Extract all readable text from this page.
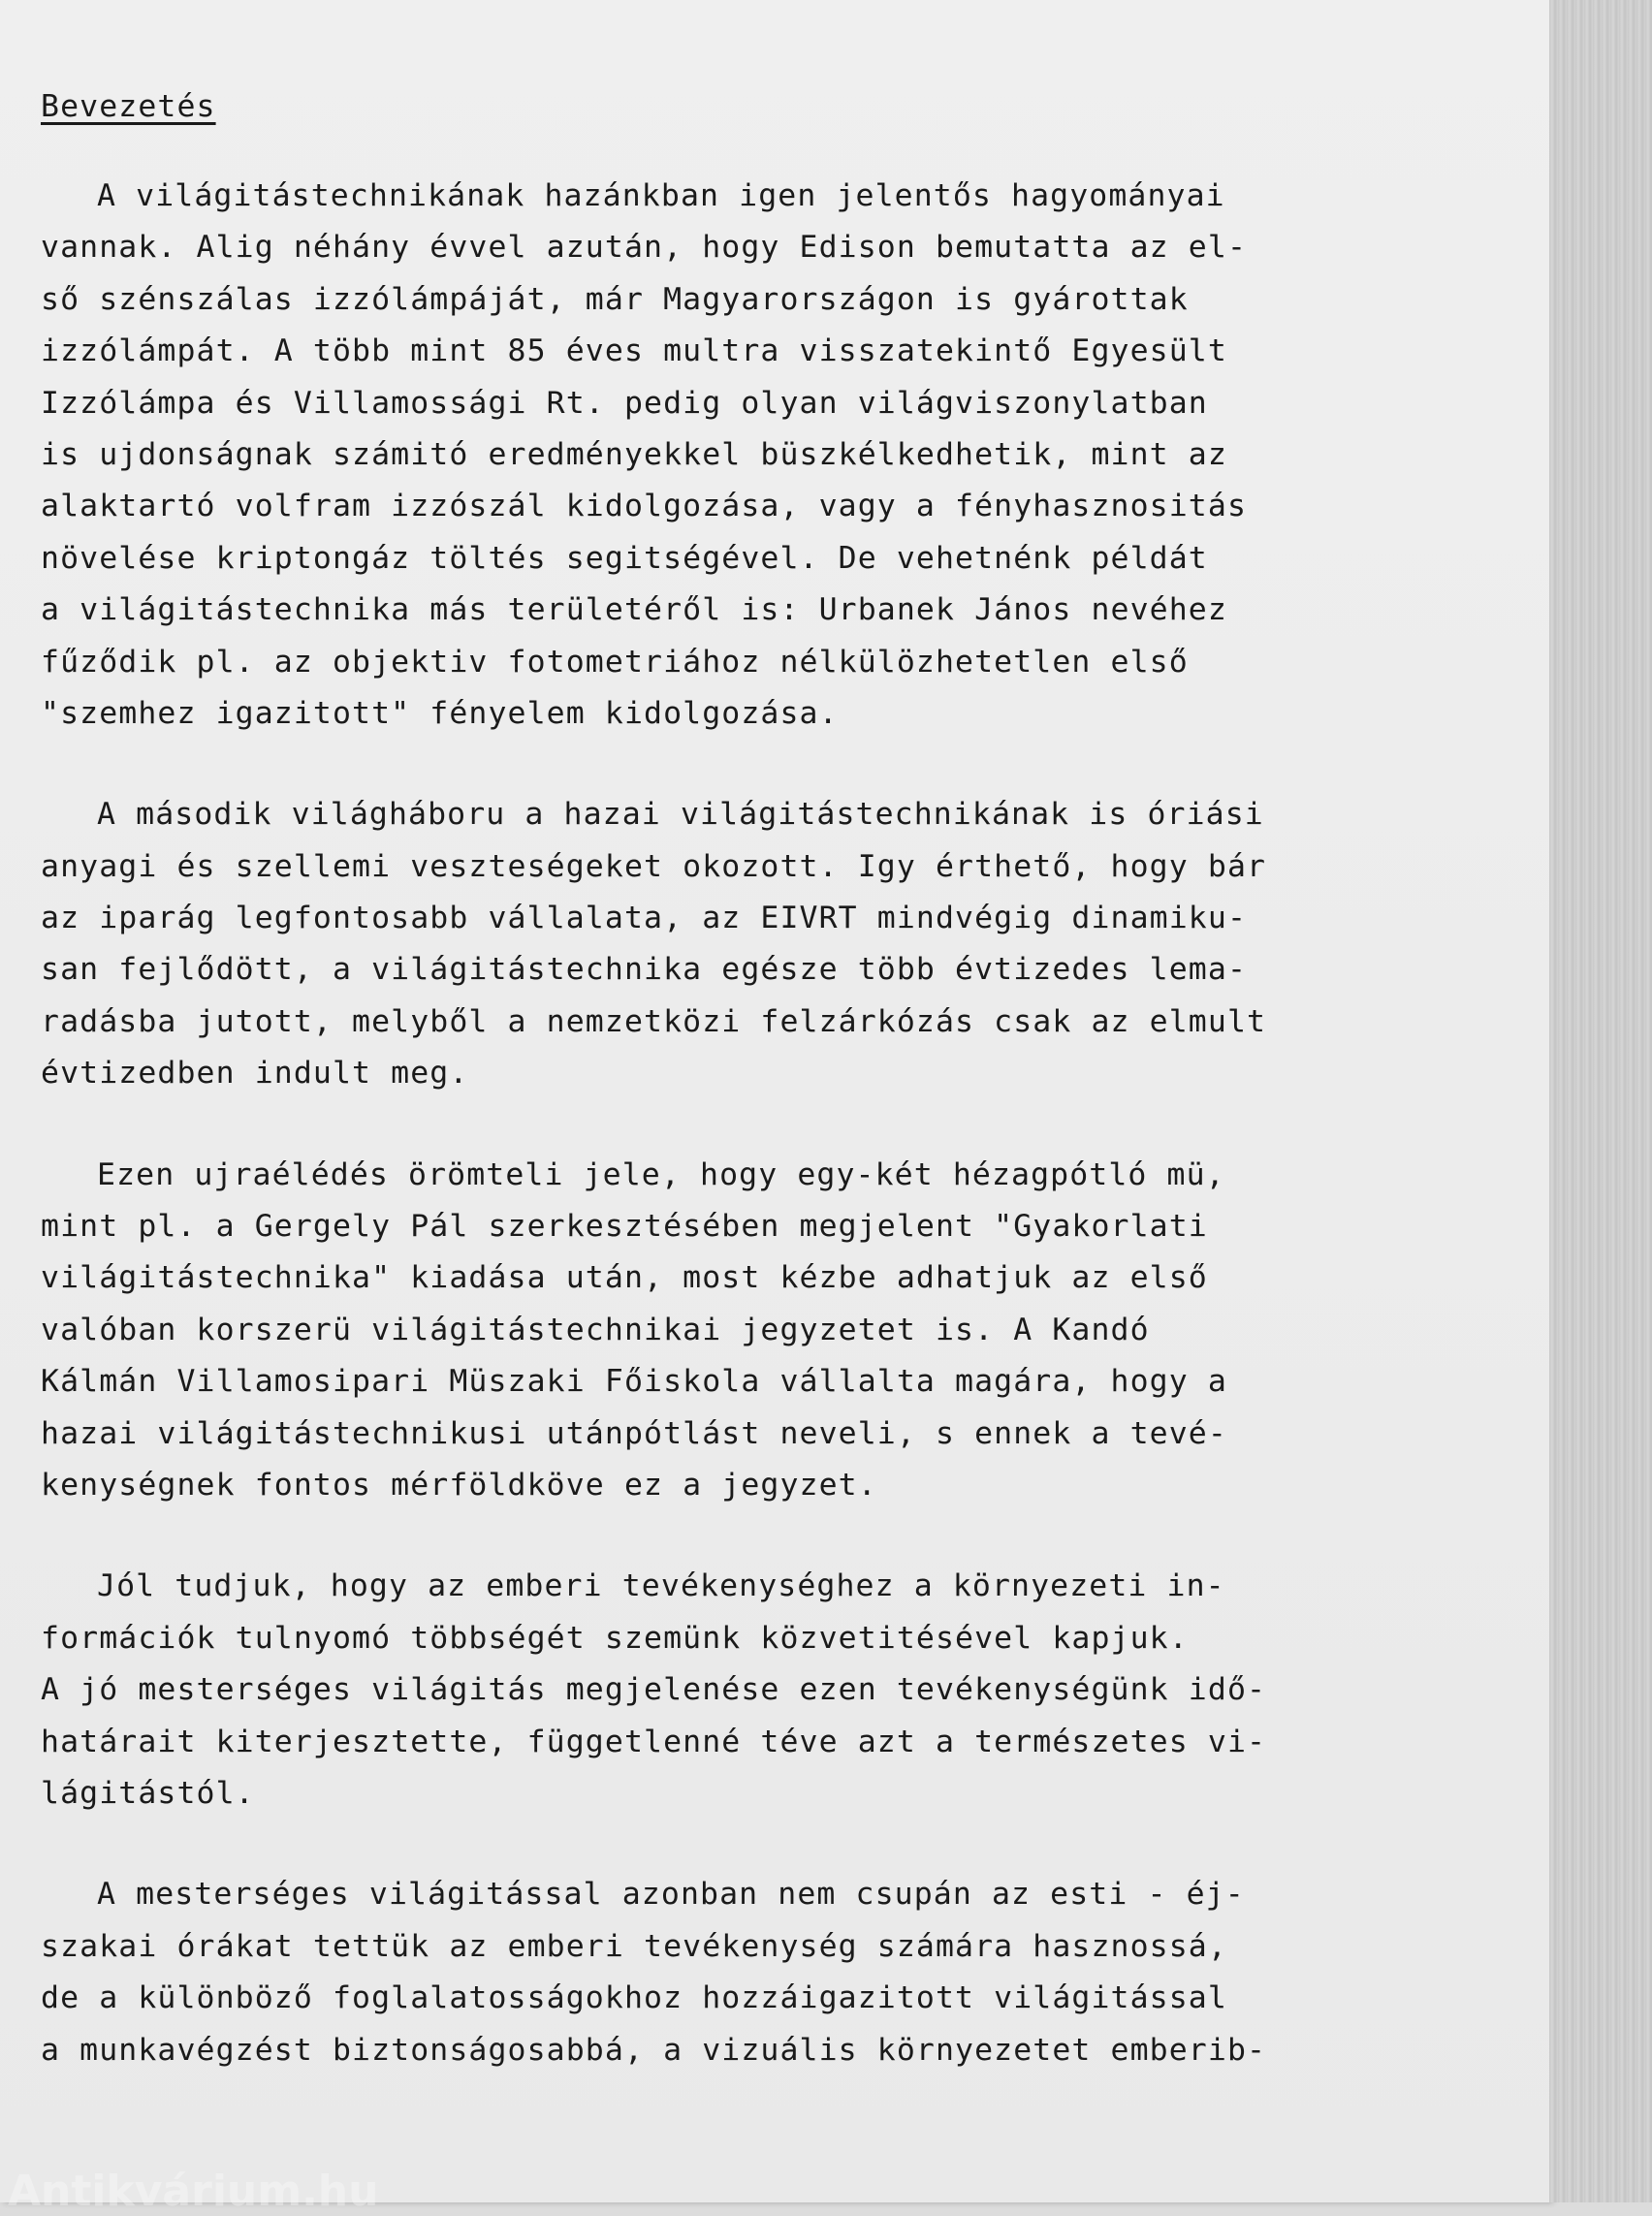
Bevezetés
A világitástechnikának hazánkban igen jelentős hagyományai
vannak. Alig néhány évvel azután, hogy Edison bemutatta az el-
ső szénszálas izzólámpáját, már Magyarországon is gyárottak
izzólámpát. A több mint 85 éves multra visszatekintő Egyesült
Izzólámpa és Villamossági Rt. pedig olyan világviszonylatban
is ujdonságnak számitó eredményekkel büszkélkedhetik, mint az
alaktartó volfram izzószál kidolgozása, vagy a fényhasznositás
növelése kriptongáz töltés segitségével. De vehetnénk példát
a világitástechnika más területéről is: Urbanek János nevéhez
fűződik pl. az objektiv fotometriához nélkülözhetetlen első
"szemhez igazitott" fényelem kidolgozása.
A második világháboru a hazai világitástechnikának is óriási
anyagi és szellemi veszteségeket okozott. Igy érthető, hogy bár
az iparág legfontosabb vállalata, az EIVRT mindvégig dinamiku-
san fejlődött, a világitástechnika egésze több évtizedes lema-
radásba jutott, melyből a nemzetközi felzárkózás csak az elmult
évtizedben indult meg.
Ezen ujraélédés örömteli jele, hogy egy-két hézagpótló mü,
mint pl. a Gergely Pál szerkesztésében megjelent "Gyakorlati
világitástechnika" kiadása után, most kézbe adhatjuk az első
valóban korszerü világitástechnikai jegyzetet is. A Kandó
Kálmán Villamosipari Müszaki Főiskola vállalta magára, hogy a
hazai világitástechnikusi utánpótlást neveli, s ennek a tevé-
kenységnek fontos mérföldköve ez a jegyzet.
Jól tudjuk, hogy az emberi tevékenységhez a környezeti in-
formációk tulnyomó többségét szemünk közvetitésével kapjuk.
A jó mesterséges világitás megjelenése ezen tevékenységünk idő-
határait kiterjesztette, függetlenné téve azt a természetes vi-
lágitástól.
A mesterséges világitással azonban nem csupán az esti - éj-
szakai órákat tettük az emberi tevékenység számára hasznossá,
de a különböző foglalatosságokhoz hozzáigazitott világitással
a munkavégzést biztonságosabbá, a vizuális környezetet emberib-
Antikvárium.hu
